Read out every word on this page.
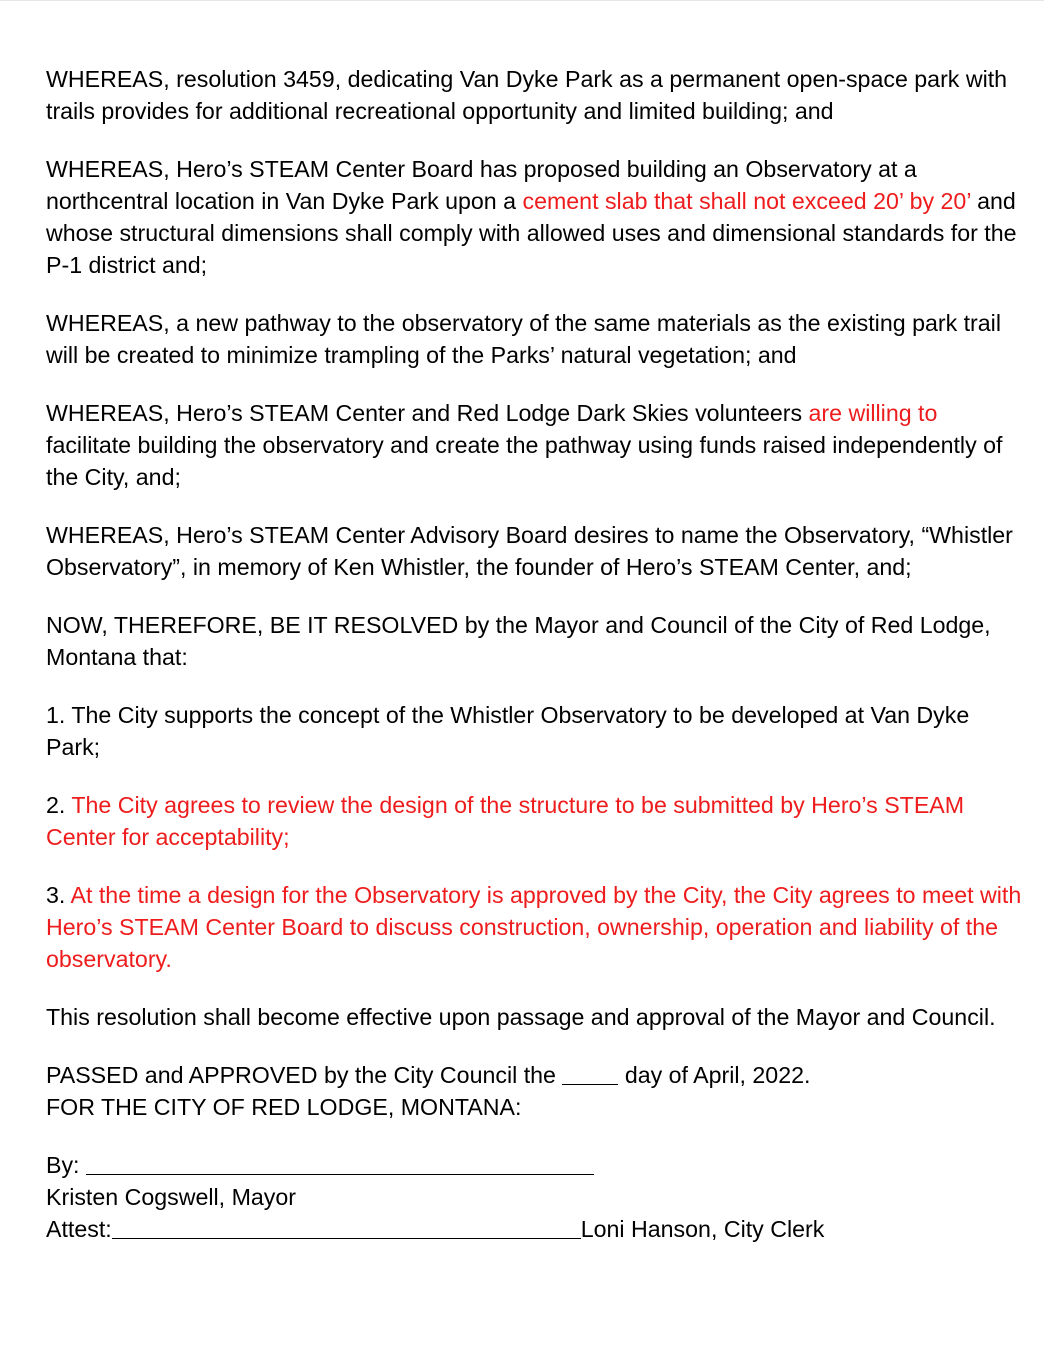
WHEREAS, resolution 3459, dedicating Van Dyke Park as a permanent open-space park with trails provides for additional recreational opportunity and limited building; and

WHEREAS, Hero’s STEAM Center Board has proposed building an Observatory at a northcentral location in Van Dyke Park upon a cement slab that shall not exceed 20’ by 20’ and whose structural dimensions shall comply with allowed uses and dimensional standards for the P-1 district and;

WHEREAS, a new pathway to the observatory of the same materials as the existing park trail will be created to minimize trampling of the Parks’ natural vegetation; and

WHEREAS, Hero’s STEAM Center and Red Lodge Dark Skies volunteers are willing to facilitate building the observatory and create the pathway using funds raised independently of the City, and;

WHEREAS, Hero’s STEAM Center Advisory Board desires to name the Observatory, “Whistler Observatory”, in memory of Ken Whistler, the founder of Hero’s STEAM Center, and;

NOW, THEREFORE, BE IT RESOLVED by the Mayor and Council of the City of Red Lodge, Montana that:

1. The City supports the concept of the Whistler Observatory to be developed at Van Dyke Park;

2. The City agrees to review the design of the structure to be submitted by Hero’s STEAM Center for acceptability;

3. At the time a design for the Observatory is approved by the City, the City agrees to meet with Hero’s STEAM Center Board to discuss construction, ownership, operation and liability of the observatory.

This resolution shall become effective upon passage and approval of the Mayor and Council.

PASSED and APPROVED by the City Council the  day of April, 2022.
FOR THE CITY OF RED LODGE, MONTANA:

By:
Kristen Cogswell, Mayor
Attest:	Loni Hanson, City Clerk
